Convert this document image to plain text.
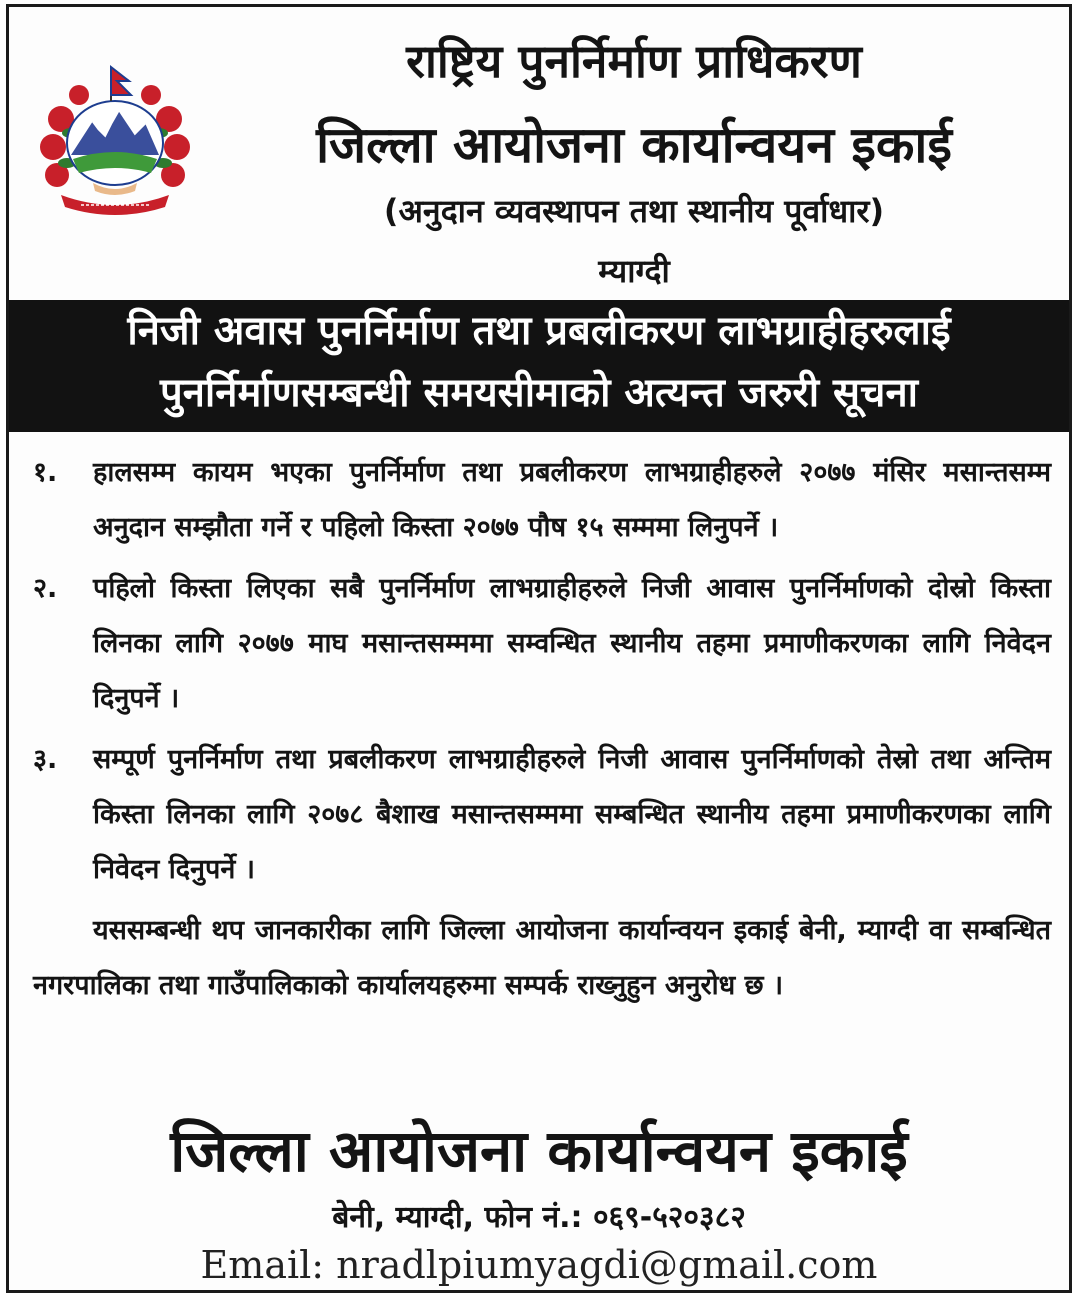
राष्ट्रिय पुनर्निर्माण प्राधिकरण
जिल्ला आयोजना कार्यान्वयन इकाई
(अनुदान व्यवस्थापन तथा स्थानीय पूर्वाधार)
म्याग्दी
निजी अवास पुनर्निर्माण तथा प्रबलीकरण लाभग्राहीहरुलाई
पुनर्निर्माणसम्बन्धी समयसीमाको अत्यन्त जरुरी सूचना
१. हालसम्म कायम भएका पुनर्निर्माण तथा प्रबलीकरण लाभग्राहीहरुले २०७७ मंसिर मसान्तसम्म अनुदान सम्झौता गर्ने र पहिलो किस्ता २०७७ पौष १५ सम्ममा लिनुपर्ने ।
२. पहिलो किस्ता लिएका सबै पुनर्निर्माण लाभग्राहीहरुले निजी आवास पुनर्निर्माणको दोस्रो किस्ता लिनका लागि २०७७ माघ मसान्तसम्ममा सम्वन्धित स्थानीय तहमा प्रमाणीकरणका लागि निवेदन दिनुपर्ने ।
३. सम्पूर्ण पुनर्निर्माण तथा प्रबलीकरण लाभग्राहीहरुले निजी आवास पुनर्निर्माणको तेस्रो तथा अन्तिम किस्ता लिनका लागि २०७८ बैशाख मसान्तसम्ममा सम्बन्धित स्थानीय तहमा प्रमाणीकरणका लागि निवेदन दिनुपर्ने ।
यससम्बन्धी थप जानकारीका लागि जिल्ला आयोजना कार्यान्वयन इकाई बेनी, म्याग्दी वा सम्बन्धित नगरपालिका तथा गाउँपालिकाको कार्यालयहरुमा सम्पर्क राख्नुहुन अनुरोध छ ।
जिल्ला आयोजना कार्यान्वयन इकाई
बेनी, म्याग्दी, फोन नं.: ०६९-५२०३८२
Email: nradlpiumyagdi@gmail.com
